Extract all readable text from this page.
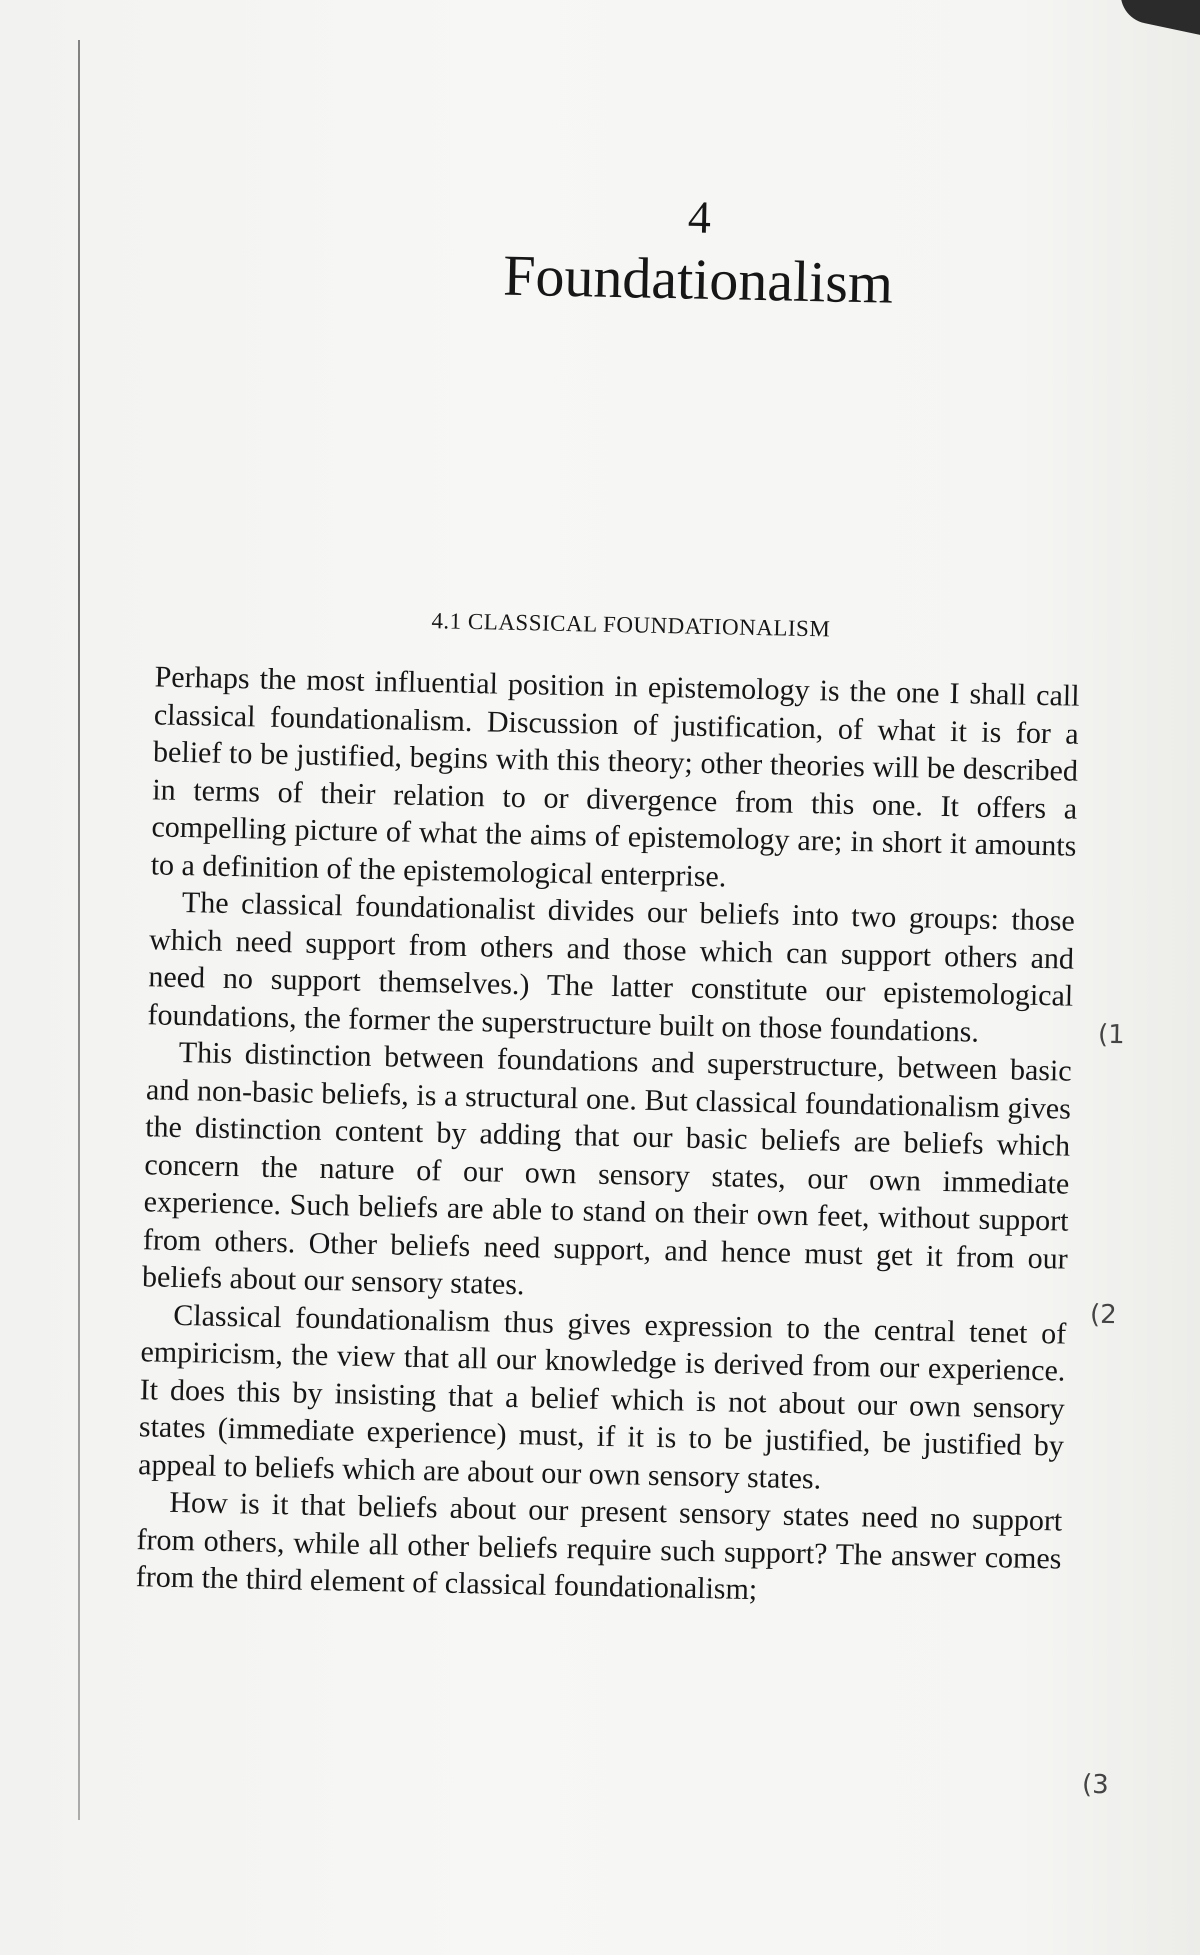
4
Foundationalism
4.1 CLASSICAL FOUNDATIONALISM

Perhaps the most influential position in epistemology is the one I shall call classical foundationalism. Discussion of justification, of what it is for a belief to be justified, begins with this theory; other theories will be described in terms of their relation to or divergence from this one. It offers a compelling picture of what the aims of epistemology are; in short it amounts to a definition of the epistemological enterprise.

The classical foundationalist divides our beliefs into two groups: those which need support from others and those which can support others and need no support themselves.) The latter constitute our epistemological foundations, the former the superstructure built on those foundations.

This distinction between foundations and superstructure, between basic and non-basic beliefs, is a structural one. But classical foundationalism gives the distinction content by adding that our basic beliefs are beliefs which concern the nature of our own sensory states, our own immediate experience. Such beliefs are able to stand on their own feet, without support from others. Other beliefs need support, and hence must get it from our beliefs about our sensory states.

Classical foundationalism thus gives expression to the central tenet of empiricism, the view that all our knowledge is derived from our experience. It does this by insisting that a belief which is not about our own sensory states (immediate experience) must, if it is to be justified, be justified by appeal to beliefs which are about our own sensory states.

How is it that beliefs about our present sensory states need no support from others, while all other beliefs require such support? The answer comes from the third element of classical foundationalism;

(1
(2
(3
